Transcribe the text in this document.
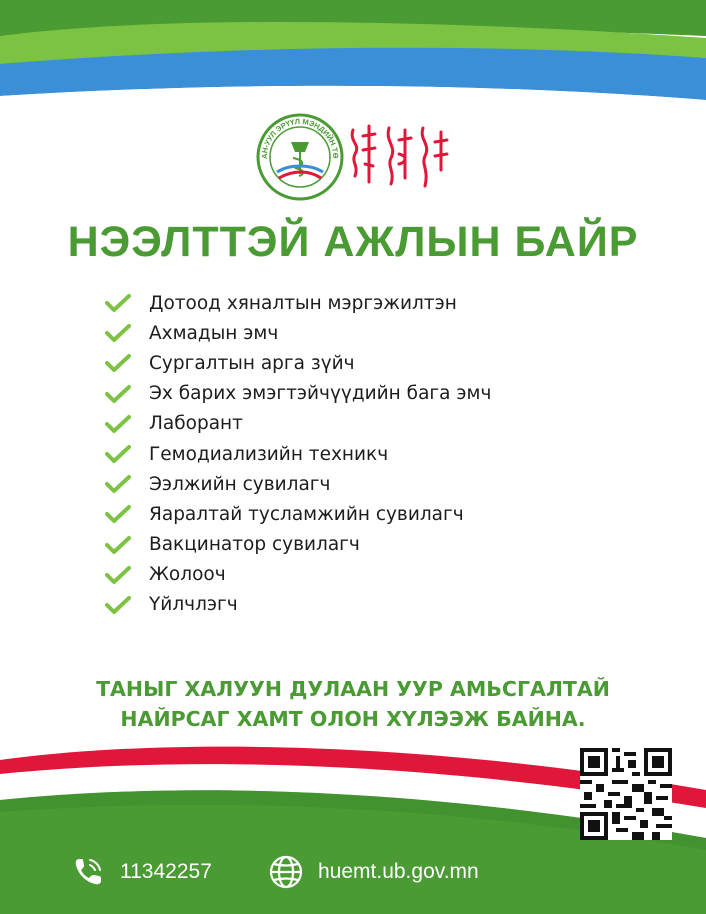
АН-УУЛ ЭРҮҮЛ МЭНДИЙН ТӨ
НЭЭЛТТЭЙ АЖЛЫН БАЙР
Дотоод хяналтын мэргэжилтэн
Ахмадын эмч
Сургалтын арга зүйч
Эх барих эмэгтэйчүүдийн бага эмч
Лаборант
Гемодиализийн техникч
Ээлжийн сувилагч
Яаралтай тусламжийн сувилагч
Вакцинатор сувилагч
Жолооч
Үйлчлэгч
ТАНЫГ ХАЛУУН ДУЛААН УУР АМЬСГАЛТАЙ
НАЙРСАГ ХАМТ ОЛОН ХҮЛЭЭЖ БАЙНА.
11342257	huemt.ub.gov.mn
